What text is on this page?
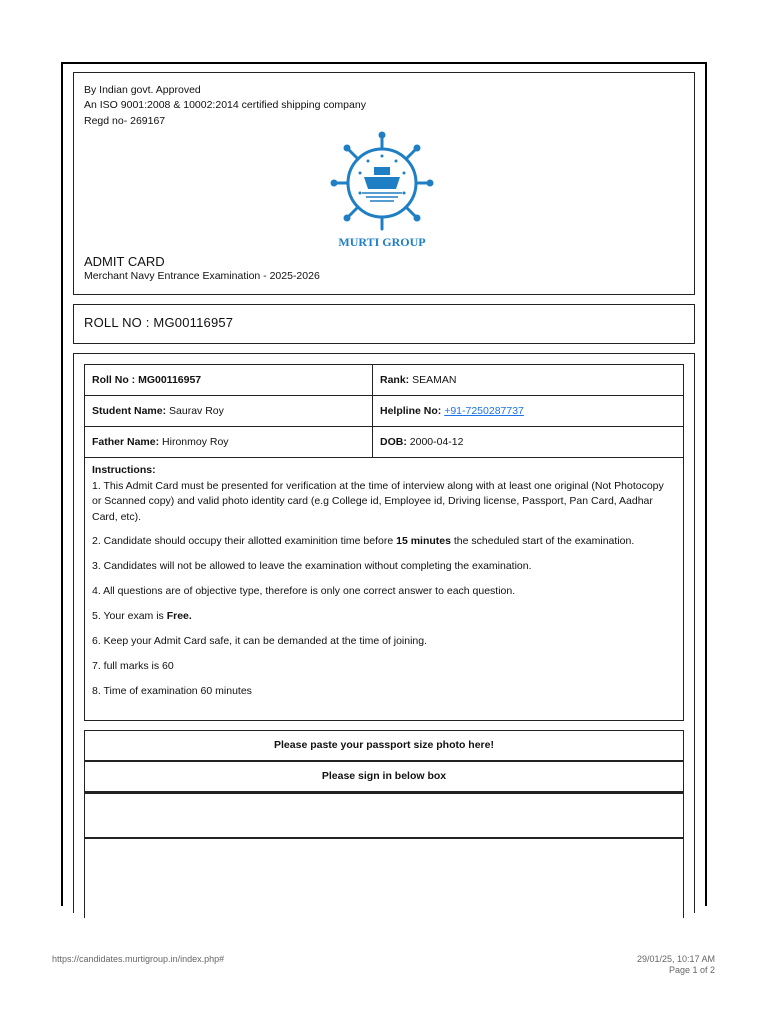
By Indian govt. Approved
An ISO 9001:2008 & 10002:2014 certified shipping company
Regd no- 269167
MURTI GROUP
ADMIT CARD
Merchant Navy Entrance Examination - 2025-2026
ROLL NO : MG00116957
Roll No : MG00116957	Rank: SEAMAN
Student Name: Saurav Roy	Helpline No: +91-7250287737
Father Name: Hironmoy Roy	DOB: 2000-04-12
Instructions:

1. This Admit Card must be presented for verification at the time of interview along with at least one original (Not Photocopy or Scanned copy) and valid photo identity card (e.g College id, Employee id, Driving license, Passport, Pan Card, Aadhar Card, etc).

2. Candidate should occupy their allotted examinition time before 15 minutes the scheduled start of the examination.

3. Candidates will not be allowed to leave the examination without completing the examination.

4. All questions are of objective type, therefore is only one correct answer to each question.

5. Your exam is Free.

6. Keep your Admit Card safe, it can be demanded at the time of joining.

7. full marks is 60

8. Time of examination 60 minutes

Please paste your passport size photo here!
Please sign in below box
https://candidates.murtigroup.in/index.php#	29/01/25, 10:17 AM
Page 1 of 2
